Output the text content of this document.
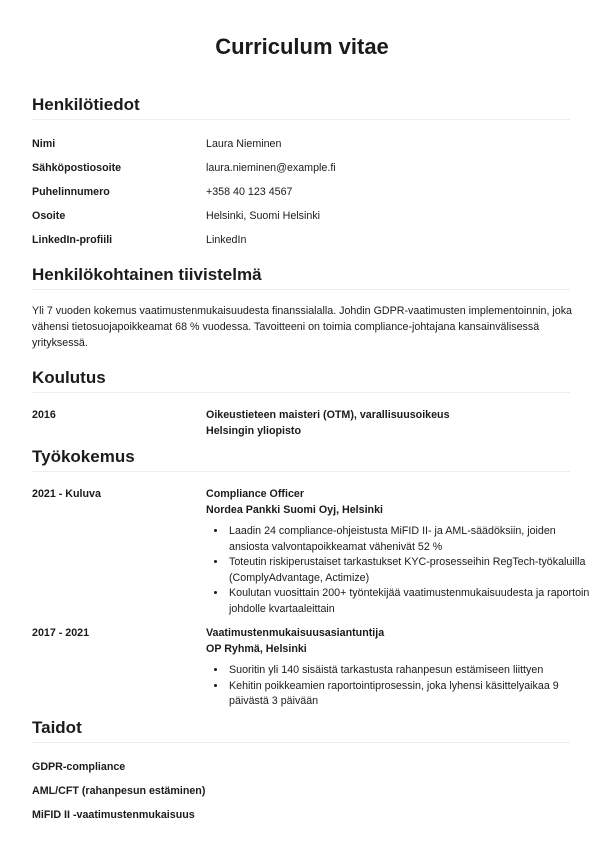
Curriculum vitae
Henkilötiedot
Nimi	Laura Nieminen
Sähköpostiosoite	laura.nieminen@example.fi
Puhelinnumero	+358 40 123 4567
Osoite	Helsinki, Suomi Helsinki
LinkedIn-profiili	LinkedIn
Henkilökohtainen tiivistelmä

Yli 7 vuoden kokemus vaatimustenmukaisuudesta finanssialalla. Johdin GDPR-vaatimusten implementoinnin, joka vähensi tietosuojapoikkeamat 68 % vuodessa. Tavoitteeni on toimia compliance-johtajana kansainvälisessä yrityksessä.

Koulutus
2016	Oikeustieteen maisteri (OTM), varallisuusoikeus
Helsingin yliopisto
Työkokemus
2021 - Kuluva	Compliance Officer
Nordea Pankki Suomi Oyj, Helsinki
• Laadin 24 compliance-ohjeistusta MiFID II- ja AML-säädöksiin, joiden ansiosta valvontapoikkeamat vähenivät 52 %
• Toteutin riskiperustaiset tarkastukset KYC-prosesseihin RegTech-työkaluilla (ComplyAdvantage, Actimize)
• Koulutan vuosittain 200+ työntekijää vaatimustenmukaisuudesta ja raportoin johdolle kvartaaleittain
2017 - 2021	Vaatimustenmukaisuusasiantuntija
OP Ryhmä, Helsinki
• Suoritin yli 140 sisäistä tarkastusta rahanpesun estämiseen liittyen
• Kehitin poikkeamien raportointiprosessin, joka lyhensi käsittelyaikaa 9 päivästä 3 päivään
Taidot
GDPR-compliance
AML/CFT (rahanpesun estäminen)
MiFID II -vaatimustenmukaisuus
